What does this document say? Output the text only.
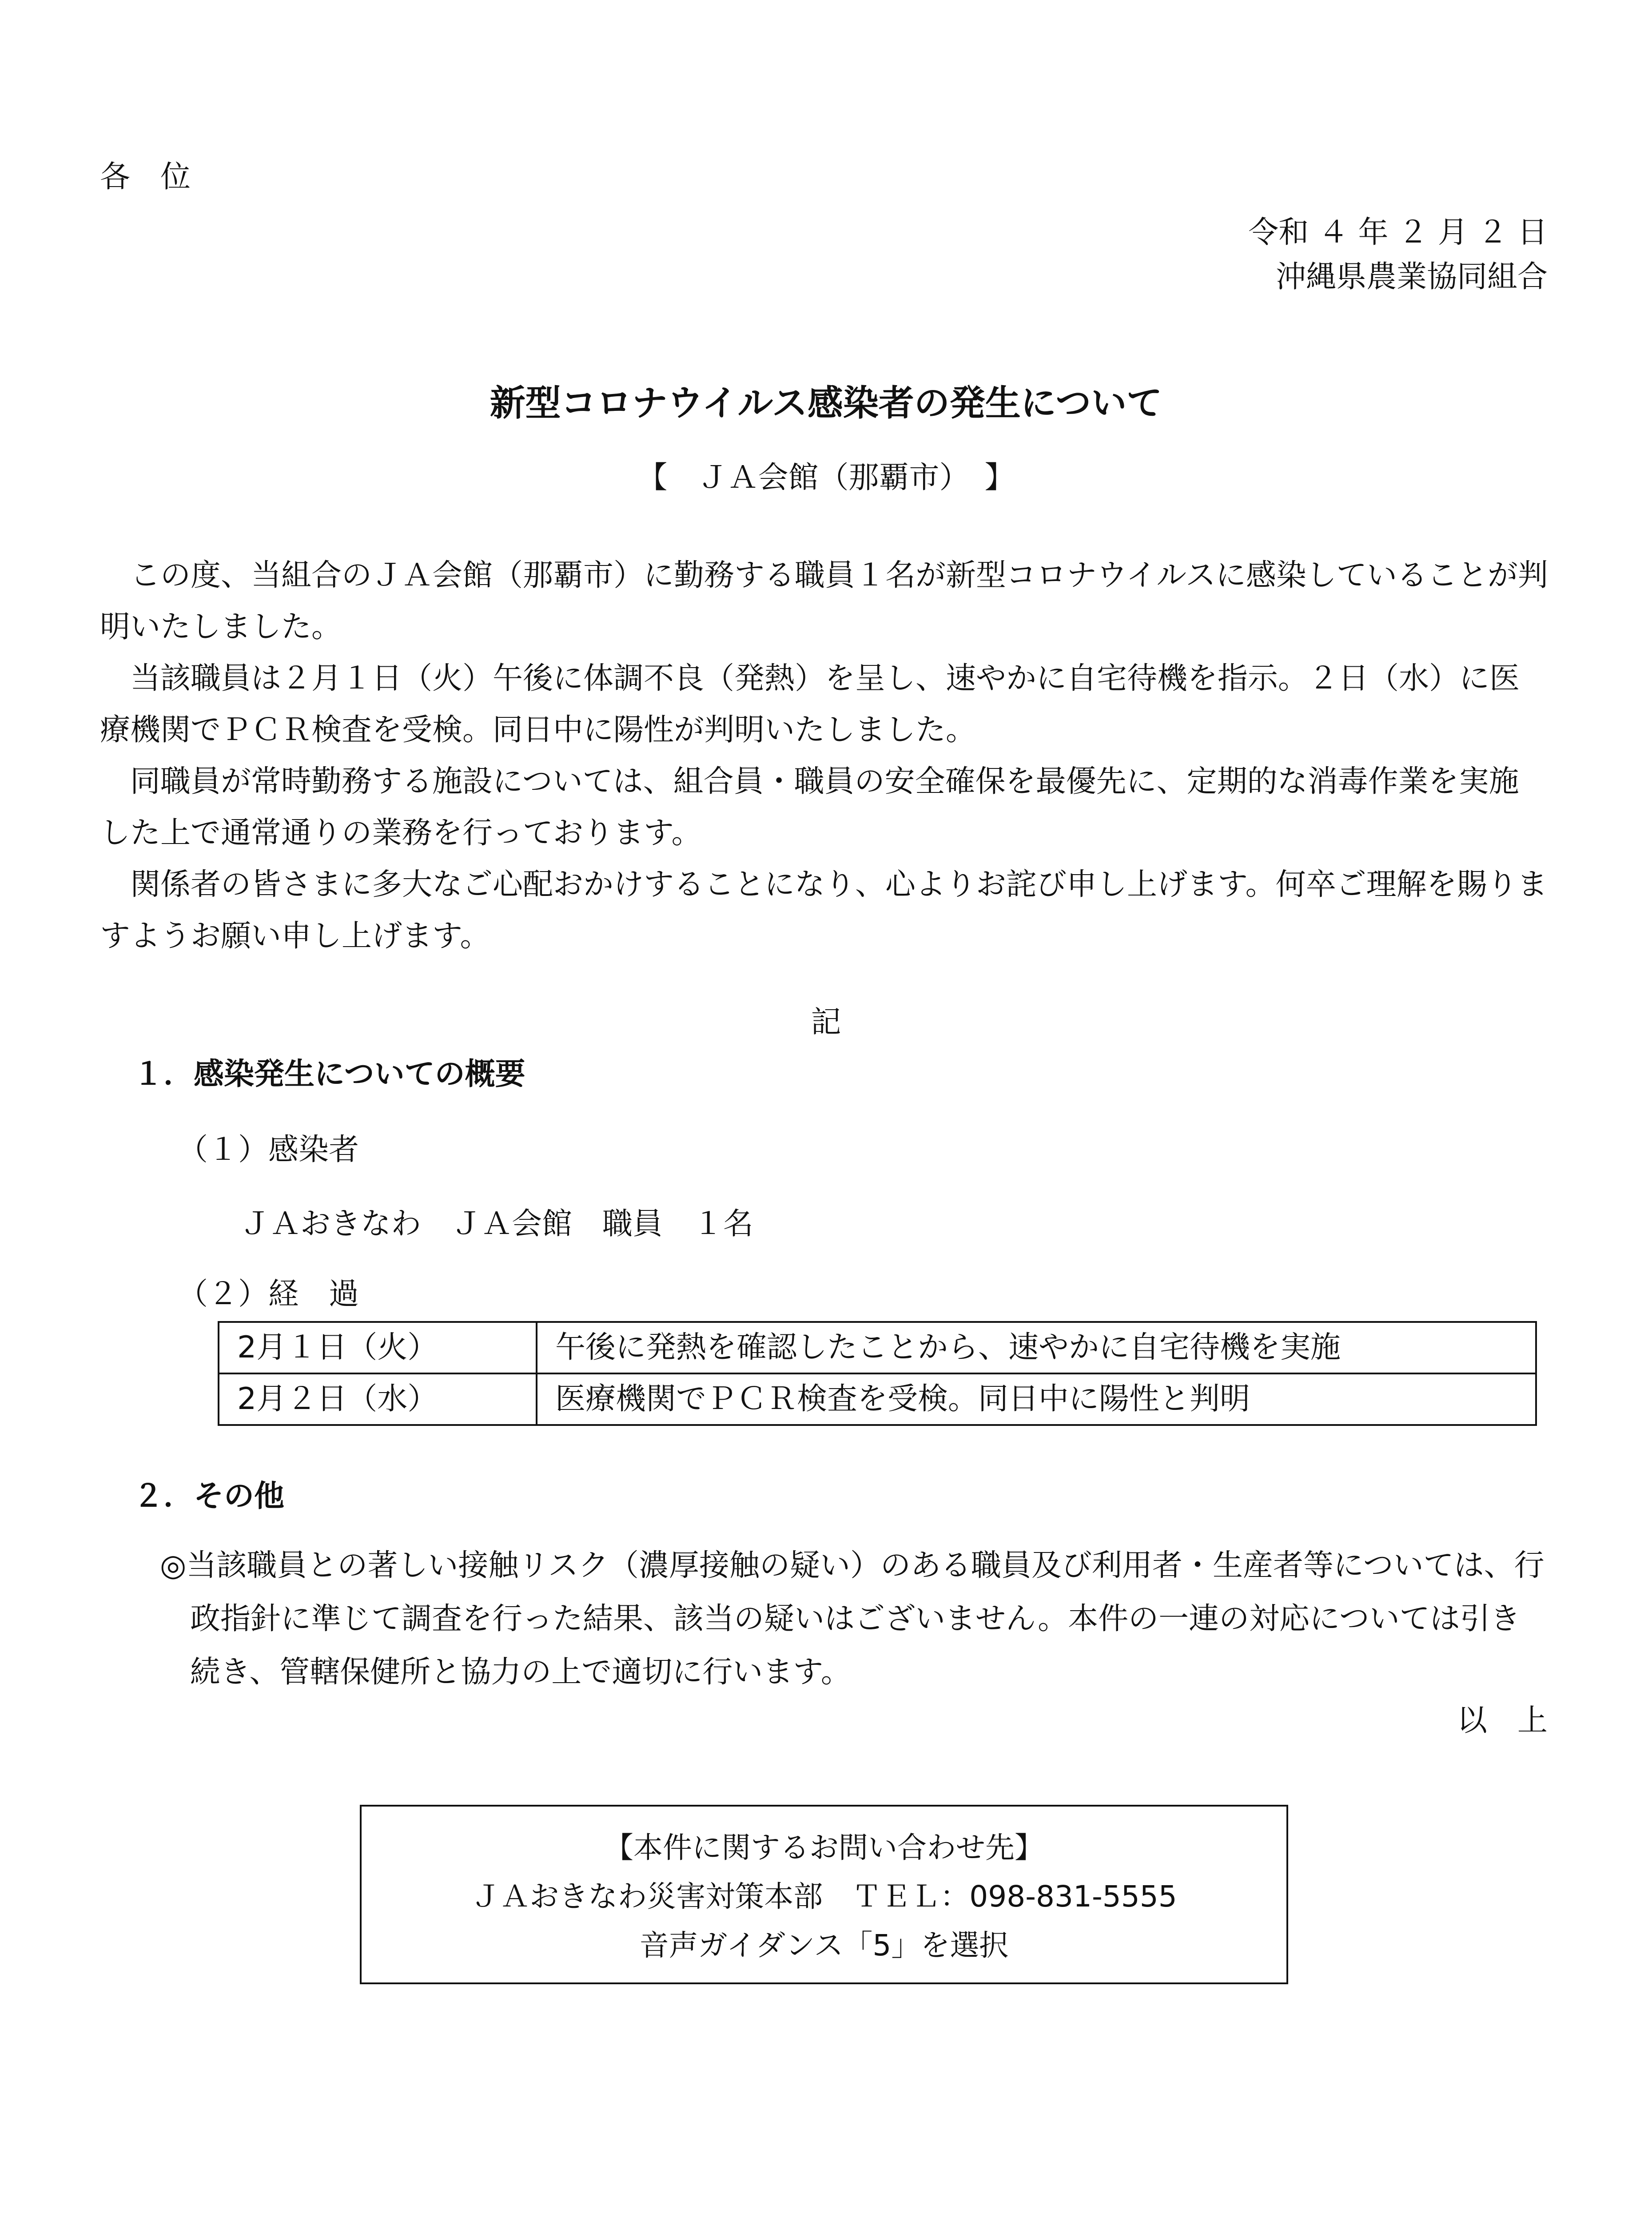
各　位
令和 ４ 年 ２ 月 ２ 日
沖縄県農業協同組合
新型コロナウイルス感染者の発生について
【　ＪＡ会館（那覇市）　】
この度、当組合のＪＡ会館（那覇市）に勤務する職員１名が新型コロナウイルスに感染していることが判明いたしました。
当該職員は２月１日（火）午後に体調不良（発熱）を呈し、速やかに自宅待機を指示。２日（水）に医療機関でＰＣＲ検査を受検。同日中に陽性が判明いたしました。
同職員が常時勤務する施設については、組合員・職員の安全確保を最優先に、定期的な消毒作業を実施した上で通常通りの業務を行っております。
関係者の皆さまに多大なご心配おかけすることになり、心よりお詫び申し上げます。何卒ご理解を賜りますようお願い申し上げます。
記
１．感染発生についての概要
（１）感染者
ＪＡおきなわ　ＪＡ会館　職員　１名
（２）経　過
2月１日（火）	午後に発熱を確認したことから、速やかに自宅待機を実施
2月２日（水）	医療機関でＰＣＲ検査を受検。同日中に陽性と判明
２．その他
◎当該職員との著しい接触リスク（濃厚接触の疑い）のある職員及び利用者・生産者等については、行政指針に準じて調査を行った結果、該当の疑いはございません。本件の一連の対応については引き続き、管轄保健所と協力の上で適切に行います。
以　上
【本件に関するお問い合わせ先】
ＪＡおきなわ災害対策本部　ＴＥＬ：098-831-5555
音声ガイダンス「5」を選択
